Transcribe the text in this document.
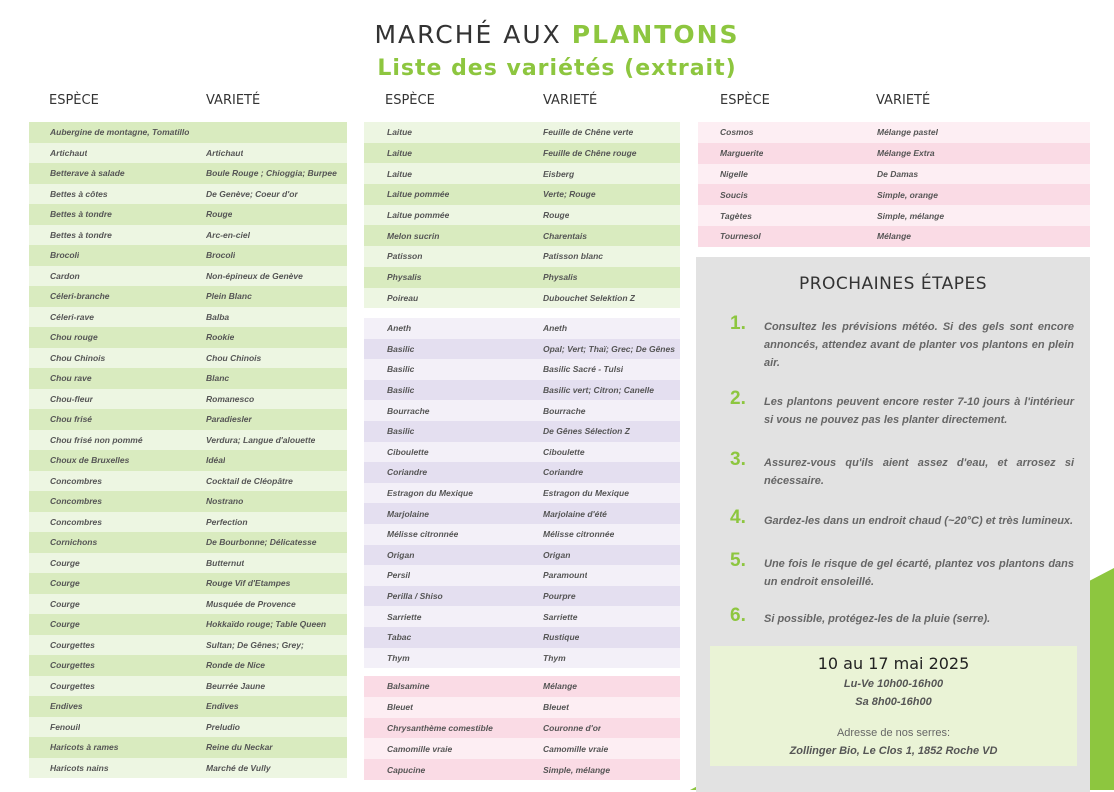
MARCHÉ AUX PLANTONS
Liste des variétés (extrait)
ESPÈCE	VARIETÉ	ESPÈCE	VARIETÉ	ESPÈCE	VARIETÉ
Aubergine de montagne, Tomatillo
Artichaut	Artichaut
Betterave à salade	Boule Rouge ; Chioggia; Burpee
Bettes à côtes	De Genève; Coeur d'or
Bettes à tondre	Rouge
Bettes à tondre	Arc-en-ciel
Brocoli	Brocoli
Cardon	Non-épineux de Genève
Céleri-branche	Plein Blanc
Céleri-rave	Balba
Chou rouge	Rookie
Chou Chinois	Chou Chinois
Chou rave	Blanc
Chou-fleur	Romanesco
Chou frisé	Paradiesler
Chou frisé non pommé	Verdura; Langue d'alouette
Choux de Bruxelles	Idéal
Concombres	Cocktail de Cléopâtre
Concombres	Nostrano
Concombres	Perfection
Cornichons	De Bourbonne; Délicatesse
Courge	Butternut
Courge	Rouge Vif d'Etampes
Courge	Musquée de Provence
Courge	Hokkaïdo rouge; Table Queen
Courgettes	Sultan; De Gênes; Grey;
Courgettes	Ronde de Nice
Courgettes	Beurrée Jaune
Endives	Endives
Fenouil	Preludio
Haricots à rames	Reine du Neckar
Haricots nains	Marché de Vully
Laitue	Feuille de Chêne verte
Laitue	Feuille de Chêne rouge
Laitue	Eisberg
Laitue pommée	Verte; Rouge
Laitue pommée	Rouge
Melon sucrin	Charentais
Patisson	Patisson blanc
Physalis	Physalis
Poireau	Dubouchet Selektion Z
Aneth	Aneth
Basilic	Opal; Vert; Thaï; Grec; De Gênes
Basilic	Basilic Sacré - Tulsi
Basilic	Basilic vert; Citron; Canelle
Bourrache	Bourrache
Basilic	De Gênes Sélection Z
Ciboulette	Ciboulette
Coriandre	Coriandre
Estragon du Mexique	Estragon du Mexique
Marjolaine	Marjolaine d'été
Mélisse citronnée	Mélisse citronnée
Origan	Origan
Persil	Paramount
Perilla / Shiso	Pourpre
Sarriette	Sarriette
Tabac	Rustique
Thym	Thym
Balsamine	Mélange
Bleuet	Bleuet
Chrysanthème comestible	Couronne d'or
Camomille vraie	Camomille vraie
Capucine	Simple, mélange
Cosmos	Mélange pastel
Marguerite	Mélange Extra
Nigelle	De Damas
Soucis	Simple, orange
Tagètes	Simple, mélange
Tournesol	Mélange
PROCHAINES ÉTAPES
1. Consultez les prévisions météo. Si des gels sont encore annoncés, attendez avant de planter vos plantons en plein air.
2. Les plantons peuvent encore rester 7-10 jours à l'intérieur si vous ne pouvez pas les planter directement.
3. Assurez-vous qu'ils aient assez d'eau, et arrosez si nécessaire.
4. Gardez-les dans un endroit chaud (~20°C) et très lumineux.
5. Une fois le risque de gel écarté, plantez vos plantons dans un endroit ensoleillé.
6. Si possible, protégez-les de la pluie (serre).
10 au 17 mai 2025
Lu-Ve 10h00-16h00
Sa 8h00-16h00
Adresse de nos serres:
Zollinger Bio, Le Clos 1, 1852 Roche VD
